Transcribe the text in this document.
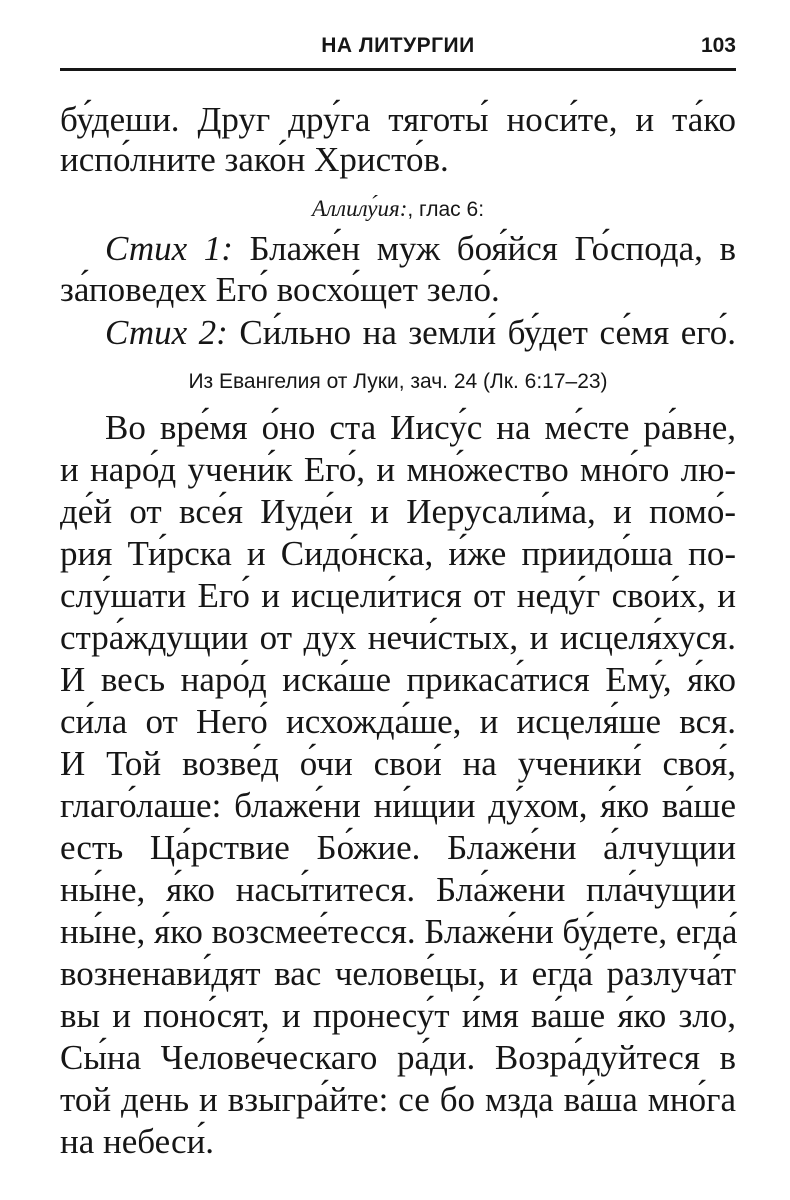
НА ЛИТУРГИИ	103
бу́деши. Друг дру́га тяготы́ носи́те, и та́ко
испо́лните зако́н Христо́в.
Аллилу́ия:, глас 6:
Стих 1: Блаже́н муж боя́йся Го́спода, в
за́поведех Его́ восхо́щет зело́.
Стих 2: Си́льно на земли́ бу́дет се́мя его́.
Из Евангелия от Луки, зач. 24 (Лк. 6:17–23)
Во вре́мя о́но ста Иису́с на ме́сте ра́вне,
и наро́д учени́к Его́, и мно́жество мно́го лю-
де́й от все́я Иуде́и и Иерусали́ма, и помо́-
рия Ти́рска и Сидо́нска, и́же приидо́ша по-
слу́шати Его́ и исцели́тися от неду́г свои́х, и
стра́ждущии от дух нечи́стых, и исцеля́хуся.
И весь наро́д иска́ше прикаса́тися Ему́, я́ко
си́ла от Него́ исхожда́ше, и исцеля́ше вся.
И Той возве́д о́чи свои́ на ученики́ своя́,
глаго́лаше: блаже́ни ни́щии ду́хом, я́ко ва́ше
есть Ца́рствие Бо́жие. Блаже́ни а́лчущии
ны́не, я́ко насы́титеся. Бла́жени пла́чущии
ны́не, я́ко возсмее́тесся. Блаже́ни бу́дете, егда́
возненави́дят вас челове́цы, и егда́ разлуча́т
вы и поно́сят, и пронесу́т и́мя ва́ше я́ко зло,
Сы́на Челове́ческаго ра́ди. Возра́дуйтеся в
той день и взыгра́йте: се бо мзда ва́ша мно́га
на небеси́.
